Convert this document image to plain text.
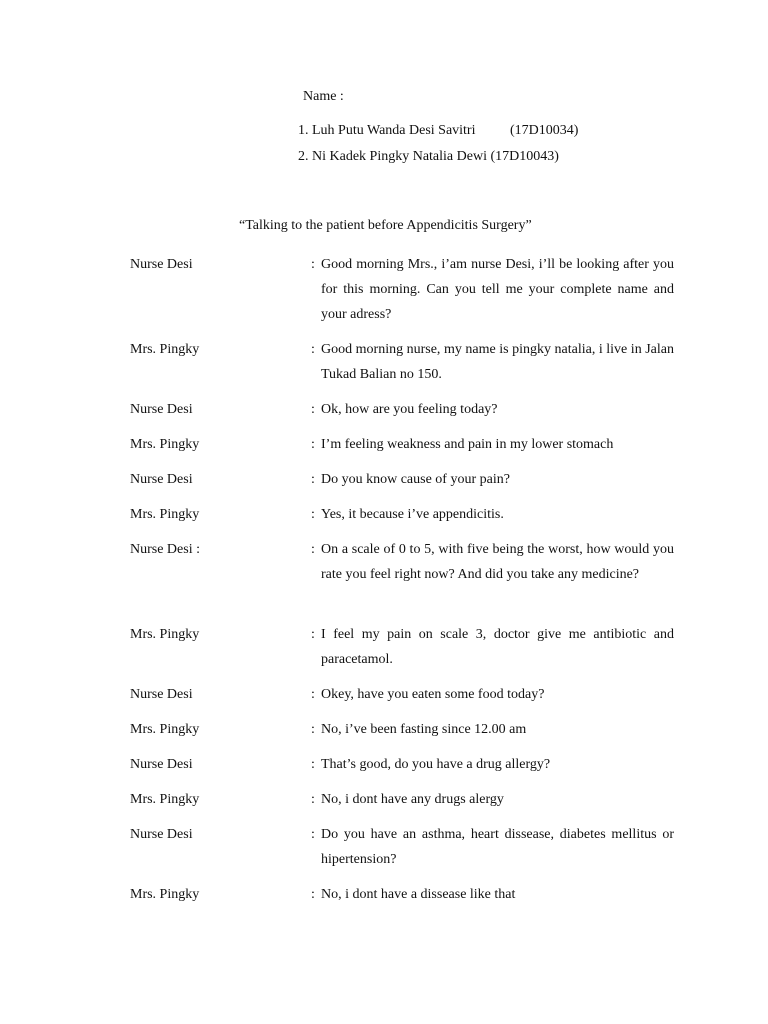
Name :
1. Luh Putu Wanda Desi Savitri (17D10034)
2. Ni Kadek Pingky Natalia Dewi (17D10043)
“Talking to the patient before Appendicitis Surgery”
Nurse Desi	: Good morning Mrs., i’am nurse Desi, i’ll be looking after you for this morning. Can you tell me your complete name and your adress?
Mrs. Pingky	: Good morning nurse, my name is pingky natalia, i live in Jalan Tukad Balian no 150.
Nurse Desi	: Ok, how are you feeling today?
Mrs. Pingky	: I’m feeling weakness and pain in my lower stomach
Nurse Desi	: Do you know cause of your pain?
Mrs. Pingky	: Yes, it because i’ve appendicitis.
Nurse Desi :	: On a scale of 0 to 5, with five being the worst, how would you rate you feel right now? And did you take any medicine?
Mrs. Pingky	: I feel my pain on scale 3, doctor give me antibiotic and paracetamol.
Nurse Desi	: Okey, have you eaten some food today?
Mrs. Pingky	: No, i’ve been fasting since 12.00 am
Nurse Desi	: That’s good, do you have a drug allergy?
Mrs. Pingky	: No, i dont have any drugs alergy
Nurse Desi	: Do you have an asthma, heart dissease, diabetes mellitus or hipertension?
Mrs. Pingky	: No, i dont have a dissease like that
